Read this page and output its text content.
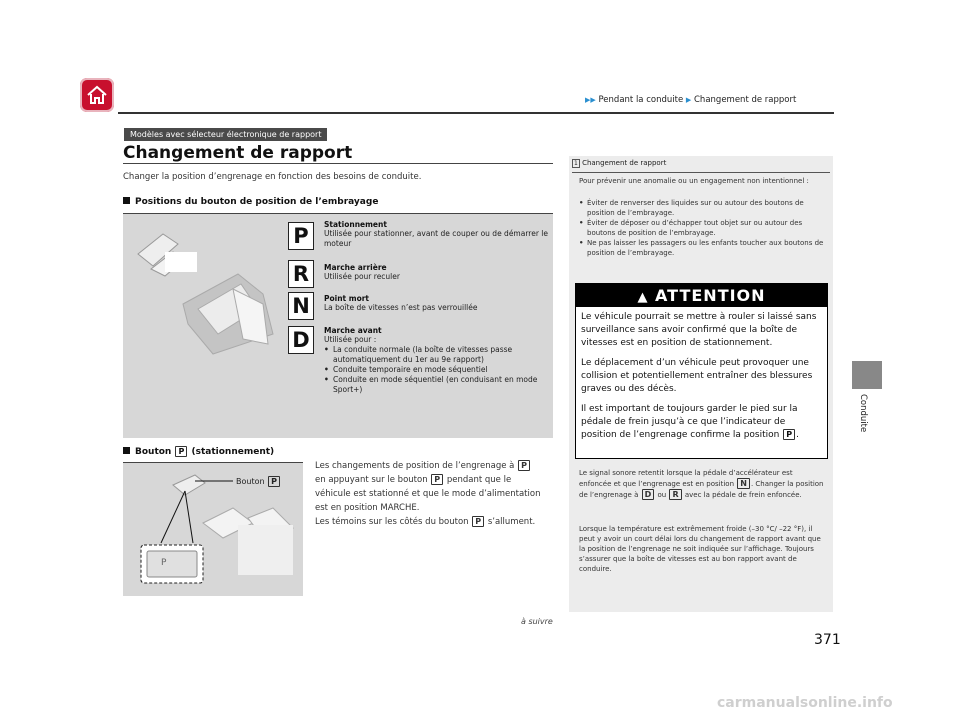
▶▶ Pendant la conduite ▶ Changement de rapport
Modèles avec sélecteur électronique de rapport
Changement de rapport
Changer la position d’engrenage en fonction des besoins de conduite.
Positions du bouton de position de l’embrayage
P
R
N
D
Stationnement
Utilisée pour stationner, avant de couper ou de démarrer le moteur
Marche arrière
Utilisée pour reculer
Point mort
La boîte de vitesses n’est pas verrouillée
Marche avant
Utilisée pour :
• La conduite normale (la boîte de vitesses passe automatiquement du 1er au 9e rapport)
• Conduite temporaire en mode séquentiel
• Conduite en mode séquentiel (en conduisant en mode Sport+)
Bouton P (stationnement)
P
Bouton P
Les changements de position de l’engrenage à P
en appuyant sur le bouton P pendant que le
véhicule est stationné et que le mode d’alimentation
est en position MARCHE.
Les témoins sur les côtés du bouton P s’allument.
1 Changement de rapport
Pour prévenir une anomalie ou un engagement non intentionnel :
• Éviter de renverser des liquides sur ou autour des boutons de position de l’embrayage.
• Éviter de déposer ou d’échapper tout objet sur ou autour des boutons de position de l’embrayage.
• Ne pas laisser les passagers ou les enfants toucher aux boutons de position de l’embrayage.
Le signal sonore retentit lorsque la pédale d’accélérateur est enfoncée et que l’engrenage est en position N . Changer la position de l’engrenage à D ou R avec la pédale de frein enfoncée.
Lorsque la température est extrêmement froide (–30 °C/ –22 °F), il peut y avoir un court délai lors du changement de rapport avant que la position de l’engrenage ne soit indiquée sur l’affichage. Toujours s’assurer que la boîte de vitesses est au bon rapport avant de conduire.
▲ ATTENTION

Le véhicule pourrait se mettre à rouler si laissé sans surveillance sans avoir confirmé que la boîte de vitesses est en position de stationnement.

Le déplacement d’un véhicule peut provoquer une collision et potentiellement entraîner des blessures graves ou des décès.

Il est important de toujours garder le pied sur la pédale de frein jusqu’à ce que l’indicateur de position de l’engrenage confirme la position P .

Conduite
à suivre
371
carmanualsonline.info
